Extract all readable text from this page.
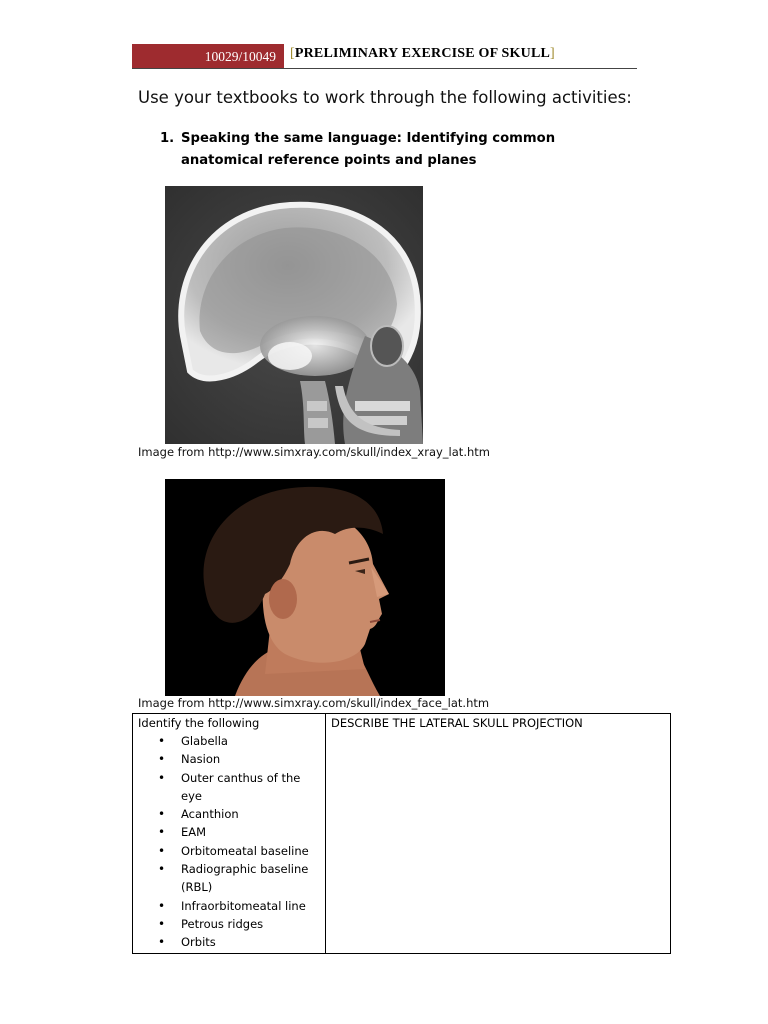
10029/10049 [PRELIMINARY EXERCISE OF SKULL]
Use your textbooks to work through the following activities:
1. Speaking the same language: Identifying common anatomical reference points and planes
Image from http://www.simxray.com/skull/index_xray_lat.htm
Image from http://www.simxray.com/skull/index_face_lat.htm
Identify the following
• Glabella
• Nasion
• Outer canthus of the eye
• Acanthion
• EAM
• Orbitomeatal baseline
• Radiographic baseline (RBL)
• Infraorbitomeatal line
• Petrous ridges
• Orbits

DESCRIBE THE LATERAL SKULL PROJECTION
